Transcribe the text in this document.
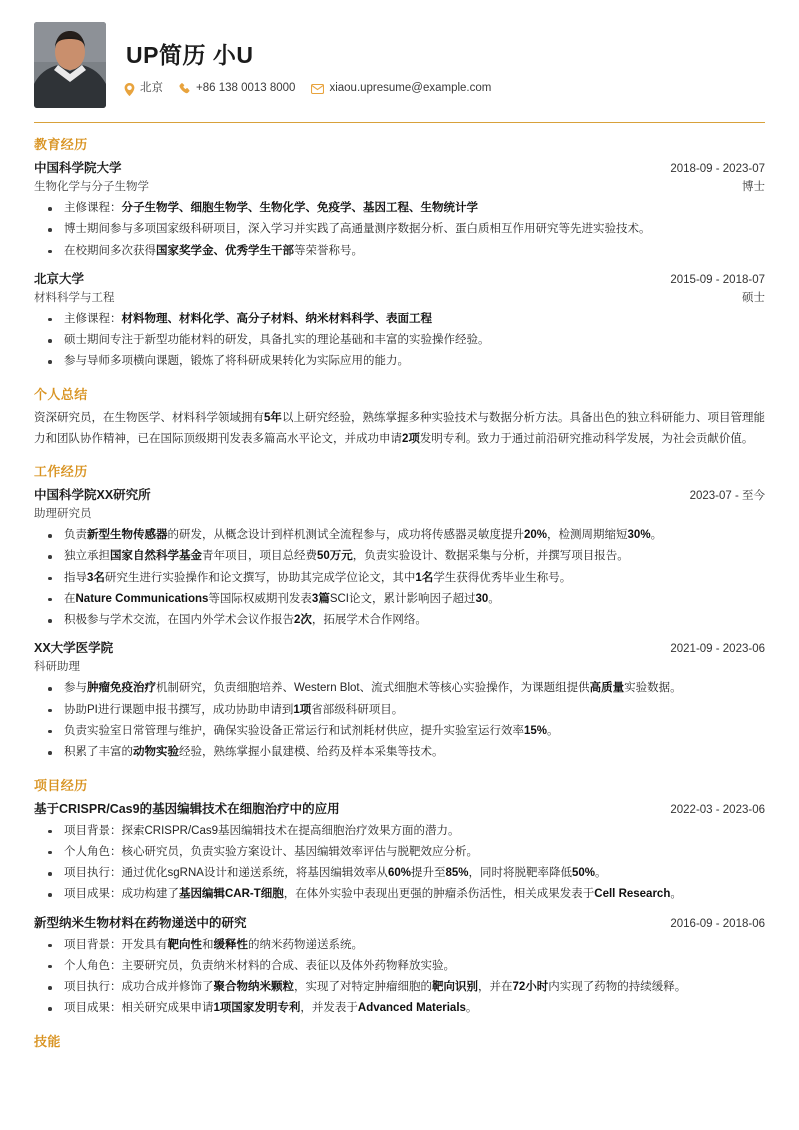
UP简历 小U
北京	+86 138 0013 8000	xiaou.upresume@example.com
教育经历
中国科学院大学	2018-09 - 2023-07
生物化学与分子生物学	博士
主修课程：分子生物学、细胞生物学、生物化学、免疫学、基因工程、生物统计学
博士期间参与多项国家级科研项目，深入学习并实践了高通量测序数据分析、蛋白质相互作用研究等先进实验技术。
在校期间多次获得国家奖学金、优秀学生干部等荣誉称号。
北京大学	2015-09 - 2018-07
材料科学与工程	硕士
主修课程：材料物理、材料化学、高分子材料、纳米材料科学、表面工程
硕士期间专注于新型功能材料的研发，具备扎实的理论基础和丰富的实验操作经验。
参与导师多项横向课题，锻炼了将科研成果转化为实际应用的能力。
个人总结

资深研究员，在生物医学、材料科学领域拥有5年以上研究经验，熟练掌握多种实验技术与数据分析方法。具备出色的独立科研能力、项目管理能力和团队协作精神，已在国际顶级期刊发表多篇高水平论文，并成功申请2项发明专利。致力于通过前沿研究推动科学发展，为社会贡献价值。

工作经历
中国科学院XX研究所	2023-07 - 至今
助理研究员
负责新型生物传感器的研发，从概念设计到样机测试全流程参与，成功将传感器灵敏度提升20%，检测周期缩短30%。
独立承担国家自然科学基金青年项目，项目总经费50万元，负责实验设计、数据采集与分析，并撰写项目报告。
指导3名研究生进行实验操作和论文撰写，协助其完成学位论文，其中1名学生获得优秀毕业生称号。
在Nature Communications等国际权威期刊发表3篇SCI论文，累计影响因子超过30。
积极参与学术交流，在国内外学术会议作报告2次，拓展学术合作网络。
XX大学医学院	2021-09 - 2023-06
科研助理
参与肿瘤免疫治疗机制研究，负责细胞培养、Western Blot、流式细胞术等核心实验操作，为课题组提供高质量实验数据。
协助PI进行课题申报书撰写，成功协助申请到1项省部级科研项目。
负责实验室日常管理与维护，确保实验设备正常运行和试剂耗材供应，提升实验室运行效率15%。
积累了丰富的动物实验经验，熟练掌握小鼠建模、给药及样本采集等技术。
项目经历
基于CRISPR/Cas9的基因编辑技术在细胞治疗中的应用	2022-03 - 2023-06
项目背景：探索CRISPR/Cas9基因编辑技术在提高细胞治疗效果方面的潜力。
个人角色：核心研究员，负责实验方案设计、基因编辑效率评估与脱靶效应分析。
项目执行：通过优化sgRNA设计和递送系统，将基因编辑效率从60%提升至85%，同时将脱靶率降低50%。
项目成果：成功构建了基因编辑CAR-T细胞，在体外实验中表现出更强的肿瘤杀伤活性，相关成果发表于Cell Research。
新型纳米生物材料在药物递送中的研究	2016-09 - 2018-06
项目背景：开发具有靶向性和缓释性的纳米药物递送系统。
个人角色：主要研究员，负责纳米材料的合成、表征以及体外药物释放实验。
项目执行：成功合成并修饰了聚合物纳米颗粒，实现了对特定肿瘤细胞的靶向识别，并在72小时内实现了药物的持续缓释。
项目成果：相关研究成果申请1项国家发明专利，并发表于Advanced Materials。
技能
